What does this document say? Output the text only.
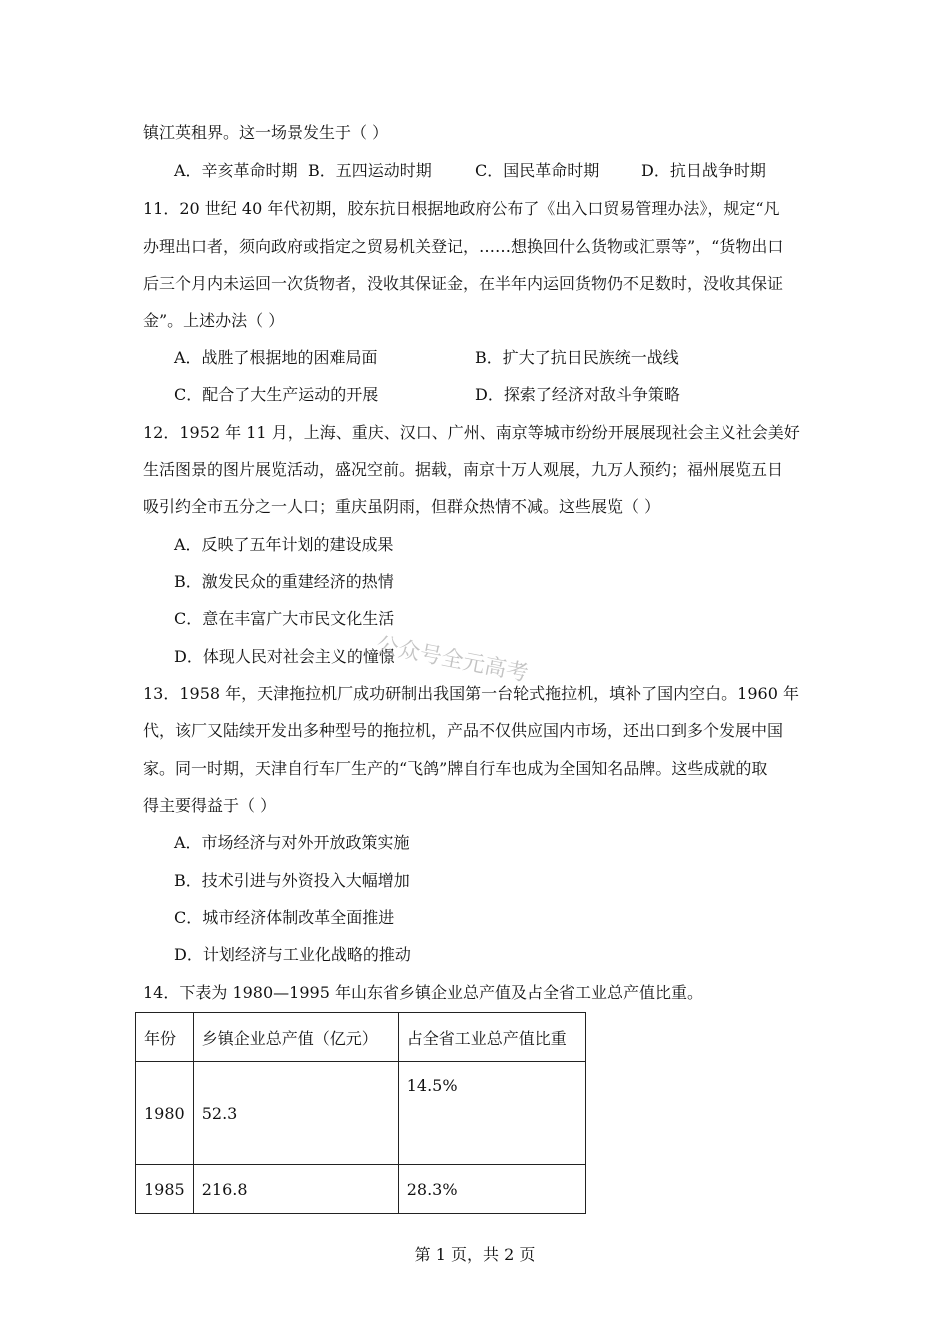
镇江英租界。这一场景发生于（ ）
A．辛亥革命时期 B．五四运动时期	C．国民革命时期	D．抗日战争时期
11．20 世纪 40 年代初期，胶东抗日根据地政府公布了《出入口贸易管理办法》，规定“凡
办理出口者，须向政府或指定之贸易机关登记，……想换回什么货物或汇票等”，“货物出口
后三个月内未运回一次货物者，没收其保证金，在半年内运回货物仍不足数时，没收其保证
金”。上述办法（ ）
A．战胜了根据地的困难局面	B．扩大了抗日民族统一战线
C．配合了大生产运动的开展	D．探索了经济对敌斗争策略
12．1952 年 11 月，上海、重庆、汉口、广州、南京等城市纷纷开展展现社会主义社会美好
生活图景的图片展览活动，盛况空前。据载，南京十万人观展，九万人预约；福州展览五日
吸引约全市五分之一人口；重庆虽阴雨，但群众热情不减。这些展览（ ）
A．反映了五年计划的建设成果
B．激发民众的重建经济的热情
C．意在丰富广大市民文化生活
D．体现人民对社会主义的憧憬
公众号全元高考
13．1958 年，天津拖拉机厂成功研制出我国第一台轮式拖拉机，填补了国内空白。1960 年
代，该厂又陆续开发出多种型号的拖拉机，产品不仅供应国内市场，还出口到多个发展中国
家。同一时期，天津自行车厂生产的“飞鸽”牌自行车也成为全国知名品牌。这些成就的取
得主要得益于（ ）
A．市场经济与对外开放政策实施
B．技术引进与外资投入大幅增加
C．城市经济体制改革全面推进
D．计划经济与工业化战略的推动
14．下表为 1980—1995 年山东省乡镇企业总产值及占全省工业总产值比重。
年份	乡镇企业总产值（亿元）	占全省工业总产值比重
1980	52.3	14.5%
1985	216.8	28.3%
第 1 页，共 2 页
